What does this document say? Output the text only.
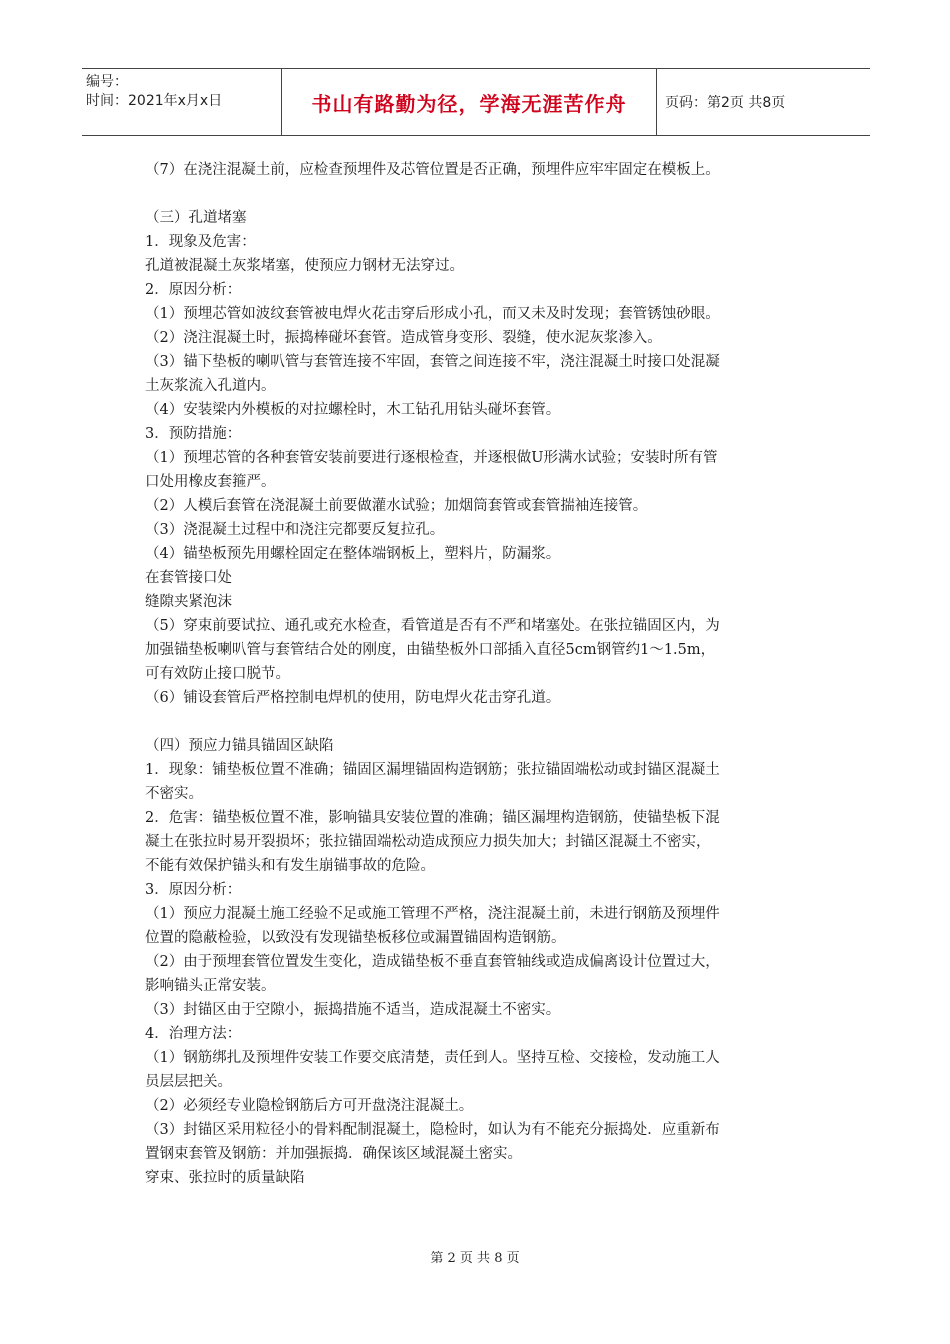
编号：
时间：2021年x月x日	书山有路勤为径，学海无涯苦作舟	页码：第2页 共8页

（7）在浇注混凝土前，应检查预埋件及芯管位置是否正确，预埋件应牢牢固定在模板上。

（三）孔道堵塞

1．现象及危害：

孔道被混凝土灰浆堵塞，使预应力钢材无法穿过。

2．原因分析：

（1）预埋芯管如波纹套管被电焊火花击穿后形成小孔，而又未及时发现；套管锈蚀砂眼。

（2）浇注混凝土时，振捣棒碰坏套管。造成管身变形、裂缝，使水泥灰浆渗入。

（3）锚下垫板的喇叭管与套管连接不牢固，套管之间连接不牢，浇注混凝土时接口处混凝

土灰浆流入孔道内。

（4）安装梁内外模板的对拉螺栓时，木工钻孔用钻头碰坏套管。

3．预防措施：

（1）预埋芯管的各种套管安装前要进行逐根检查，并逐根做U形满水试验；安装时所有管

口处用橡皮套箍严。

（2）人模后套管在浇混凝土前要做灌水试验；加烟筒套管或套管揣袖连接管。

（3）浇混凝土过程中和浇注完都要反复拉孔。

（4）锚垫板预先用螺栓固定在整体端钢板上，塑料片，防漏浆。

在套管接口处

缝隙夹紧泡沫

（5）穿束前要试拉、通孔或充水检查，看管道是否有不严和堵塞处。在张拉锚固区内，为

加强锚垫板喇叭管与套管结合处的刚度，由锚垫板外口部插入直径5cm钢管约1～1.5m，

可有效防止接口脱节。

（6）铺设套管后严格控制电焊机的使用，防电焊火花击穿孔道。

（四）预应力锚具锚固区缺陷

1．现象：铺垫板位置不准确；锚固区漏埋锚固构造钢筋；张拉锚固端松动或封锚区混凝土

不密实。

2．危害：锚垫板位置不准，影响锚具安装位置的准确；锚区漏埋构造钢筋，使锚垫板下混

凝土在张拉时易开裂损坏；张拉锚固端松动造成预应力损失加大；封锚区混凝土不密实，

不能有效保护锚头和有发生崩锚事故的危险。

3．原因分析：

（1）预应力混凝土施工经验不足或施工管理不严格，浇注混凝土前，未进行钢筋及预埋件

位置的隐蔽检验，以致没有发现锚垫板移位或漏置锚固构造钢筋。

（2）由于预埋套管位置发生变化，造成锚垫板不垂直套管轴线或造成偏离设计位置过大，

影响锚头正常安装。

（3）封锚区由于空隙小，振捣措施不适当，造成混凝土不密实。

4．治理方法：

（1）钢筋绑扎及预埋件安装工作要交底清楚，责任到人。坚持互检、交接检，发动施工人

员层层把关。

（2）必须经专业隐检钢筋后方可开盘浇注混凝土。

（3）封锚区采用粒径小的骨料配制混凝土，隐检时，如认为有不能充分振捣处．应重新布

置钢束套管及钢筋：并加强振捣．确保该区域混凝土密实。

穿束、张拉时的质量缺陷

第 2 页 共 8 页
